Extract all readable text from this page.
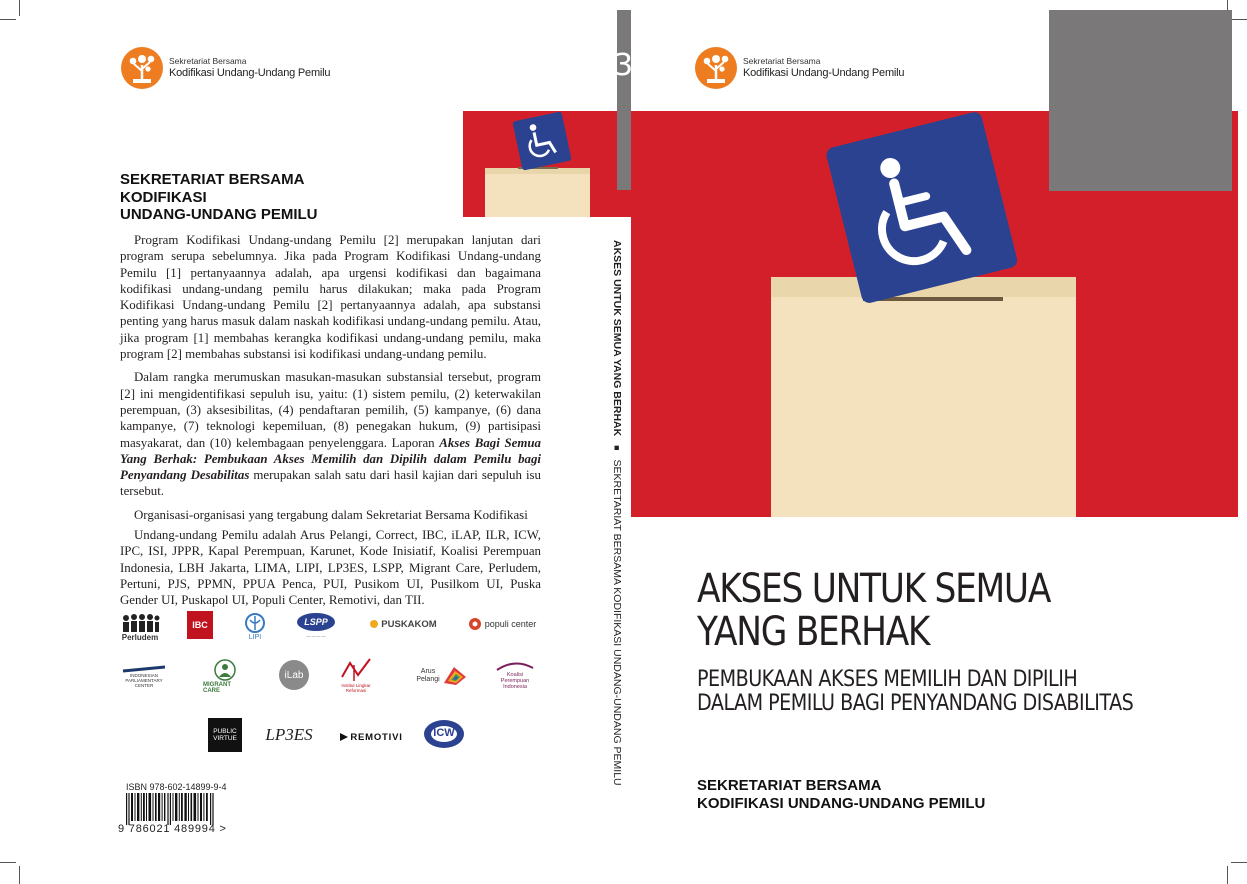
Sekretariat Bersama
Kodifikasi Undang-Undang Pemilu
SEKRETARIAT BERSAMA
KODIFIKASI
UNDANG-UNDANG PEMILU

Program Kodifikasi Undang-undang Pemilu [2] merupakan lanjutan dari program serupa sebelumnya. Jika pada Program Kodifikasi Undang-undang Pemilu [1] pertanyaannya adalah, apa urgensi kodifikasi dan bagaimana kodifikasi undang-undang pemilu harus dilakukan; maka pada Program Kodifikasi Undang-undang Pemilu [2] pertanyaannya adalah, apa substansi penting yang harus masuk dalam naskah kodifikasi undang-undang pemilu. Atau, jika program [1] membahas kerangka kodifikasi undang-undang pemilu, maka program [2] membahas substansi isi kodifikasi undang-undang pemilu.

Dalam rangka merumuskan masukan-masukan substansial tersebut, program [2] ini mengidentifikasi sepuluh isu, yaitu: (1) sistem pemilu, (2) keterwakilan perempuan, (3) aksesibilitas, (4) pendaftaran pemilih, (5) kampanye, (6) dana kampanye, (7) teknologi kepemiluan, (8) penegakan hukum, (9) partisipasi masyakarat, dan (10) kelembagaan penyelenggara. Laporan Akses Bagi Semua Yang Berhak: Pembukaan Akses Memilih dan Dipilih dalam Pemilu bagi Penyandang Desabilitas merupakan salah satu dari hasil kajian dari sepuluh isu tersebut.

Organisasi-organisasi yang tergabung dalam Sekretariat Bersama Kodifikasi

Undang-undang Pemilu adalah Arus Pelangi, Correct, IBC, iLAP, ILR, ICW, IPC, ISI, JPPR, Kapal Perempuan, Karunet, Kode Inisiatif, Koalisi Perempuan Indonesia, LBH Jakarta, LIMA, LIPI, LP3ES, LSPP, Migrant Care, Perludem, Pertuni, PJS, PPMN, PPUA Penca, PUI, Pusikom UI, Pusilkom UI, Puska Gender UI, Puskapol UI, Populi Center, Remotivi, dan TII.

Perludem
IBC
LIPI
LSPP
— — — —
PUSKAKOM	populi center
INDONESIAN PARLIAMENTARY CENTER	MIGRANT CARE
iLab
Institut Lingkar Reformasi
Arus Pelangi
Koalisi Perempuan Indonesia
PUBLIC VIRTUE LP3ES	REMOTIVI	ICW
ISBN 978-602-14899-9-4
9 786021 489994 >
3
AKSES UNTUK SEMUA YANG BERHAK ■ SEKRETARIAT BERSAMA KODIFIKASI UNDANG-UNDANG PEMILU
Sekretariat Bersama
Kodifikasi Undang-Undang Pemilu
AKSES UNTUK SEMUA
YANG BERHAK
PEMBUKAAN AKSES MEMILIH DAN DIPILIH
DALAM PEMILU BAGI PENYANDANG DISABILITAS
SEKRETARIAT BERSAMA
KODIFIKASI UNDANG-UNDANG PEMILU
